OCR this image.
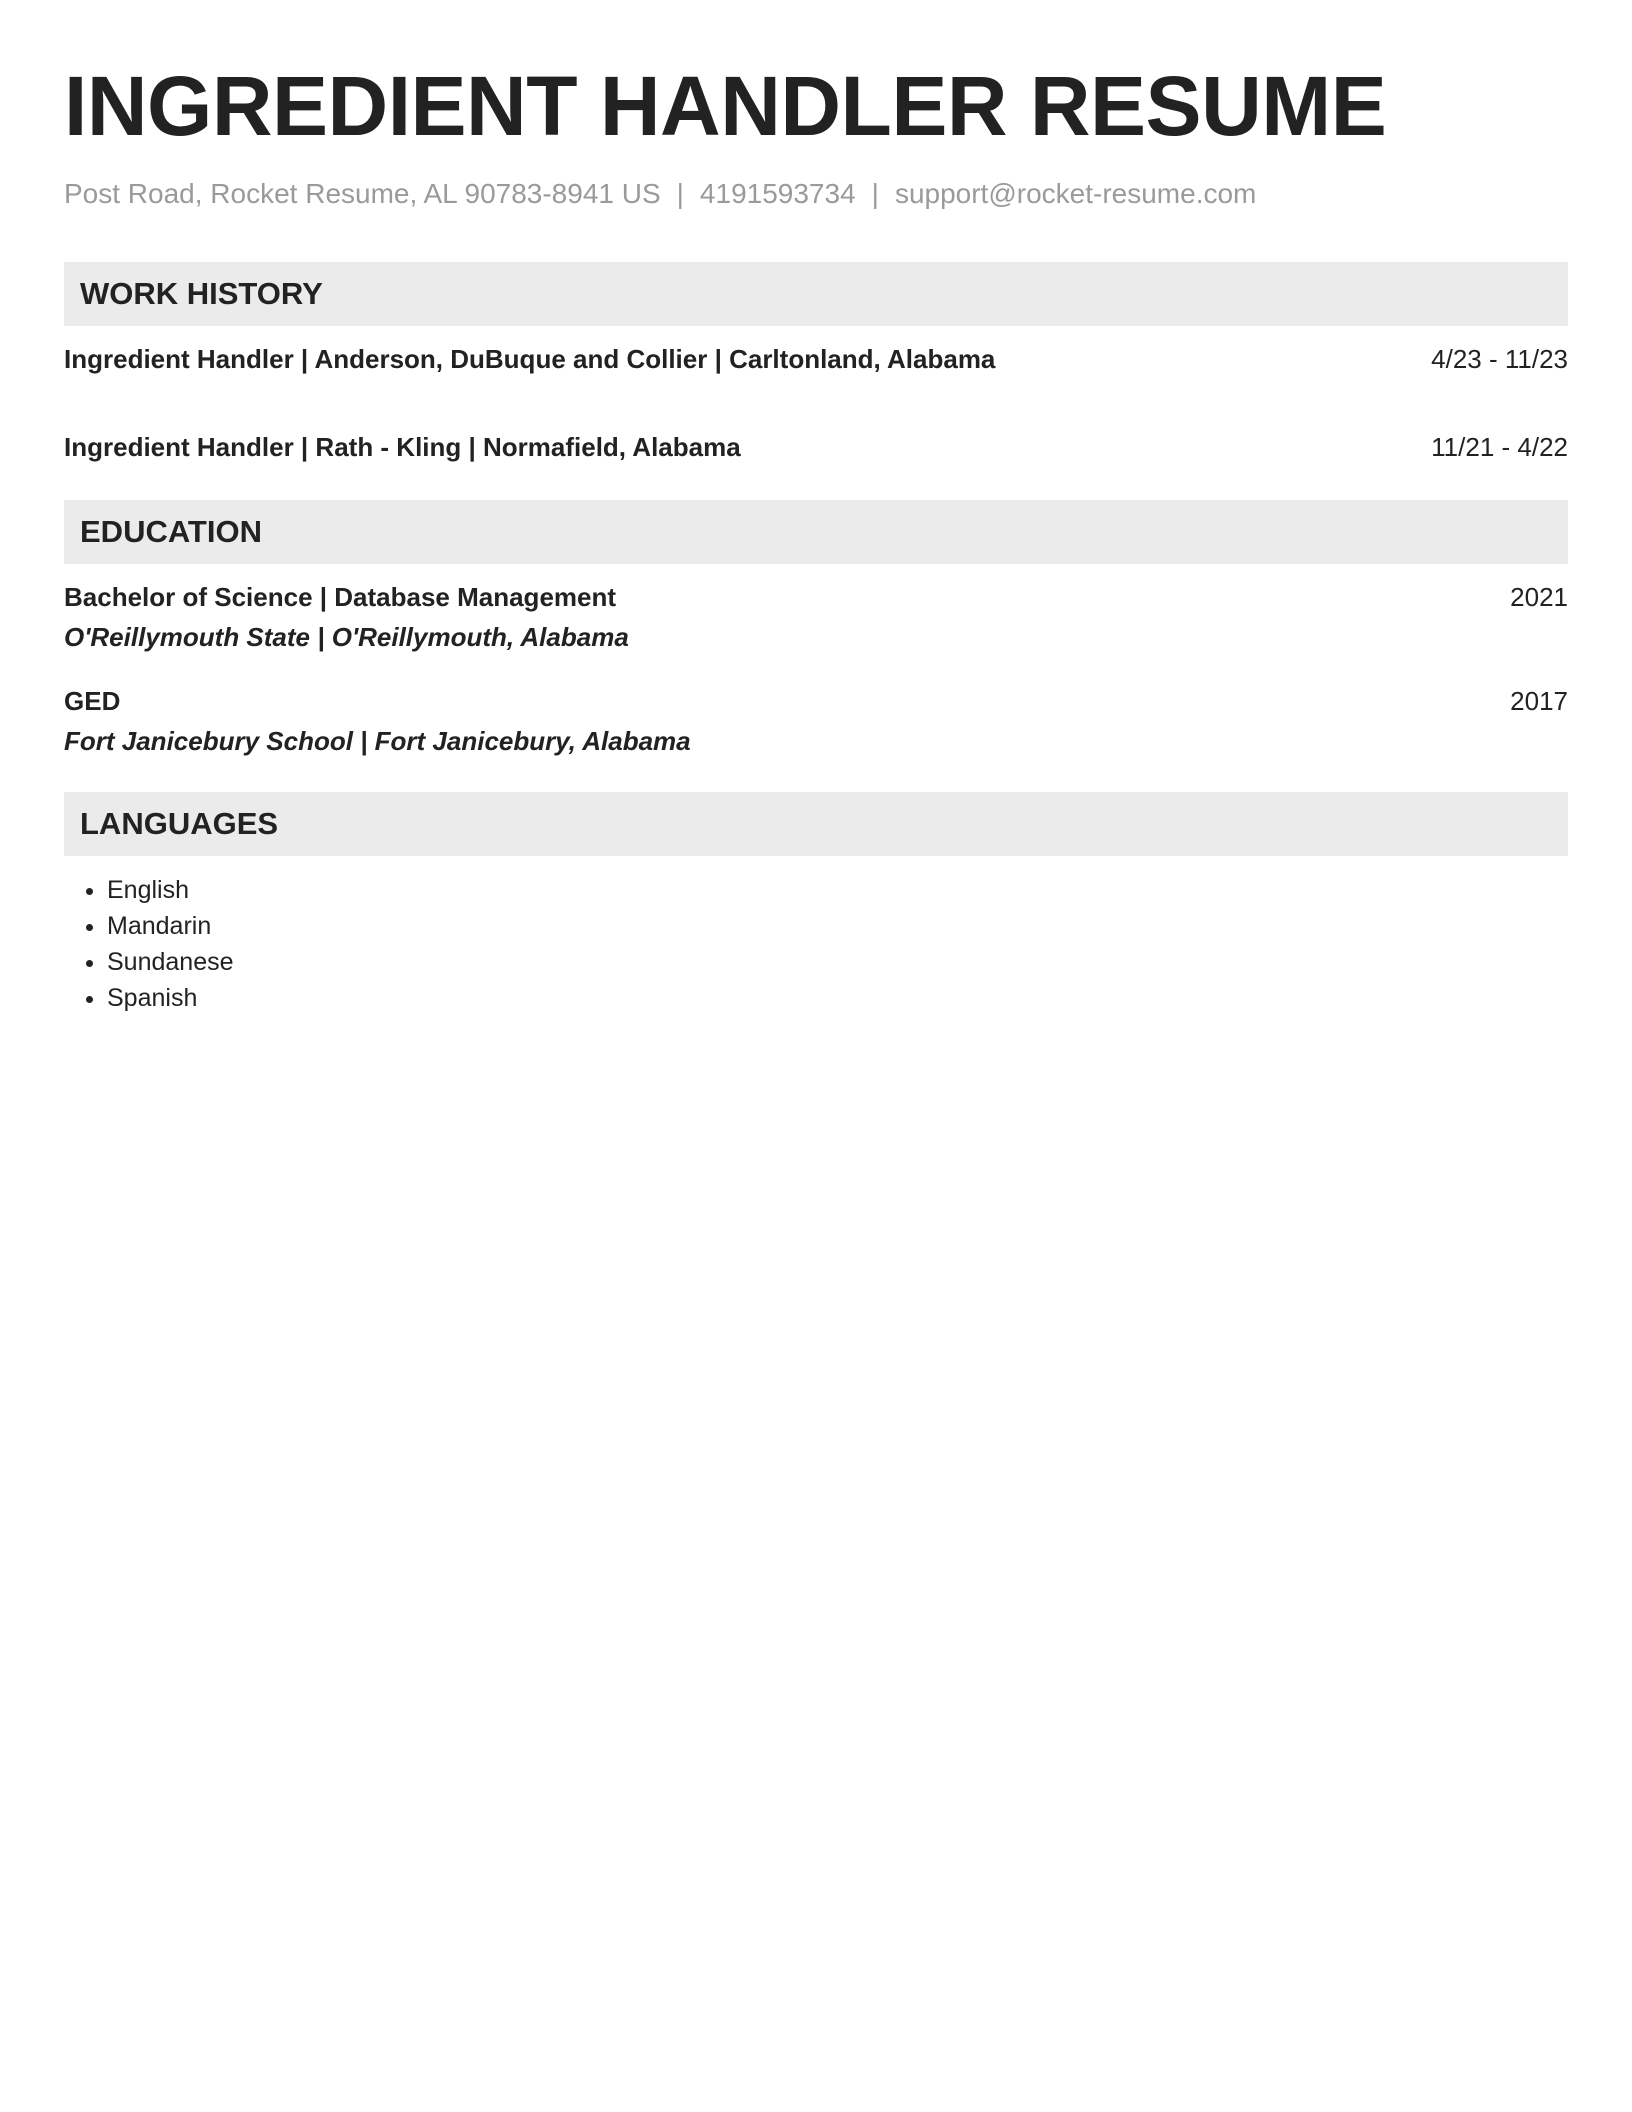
INGREDIENT HANDLER RESUME
Post Road, Rocket Resume, AL 90783-8941 US | 4191593734 | support@rocket-resume.com
WORK HISTORY
Ingredient Handler | Anderson, DuBuque and Collier | Carltonland, Alabama	4/23 - 11/23
Ingredient Handler | Rath - Kling | Normafield, Alabama	11/21 - 4/22
EDUCATION
Bachelor of Science | Database Management	2021
O'Reillymouth State | O'Reillymouth, Alabama
GED	2017
Fort Janicebury School | Fort Janicebury, Alabama
LANGUAGES
• English
• Mandarin
• Sundanese
• Spanish
